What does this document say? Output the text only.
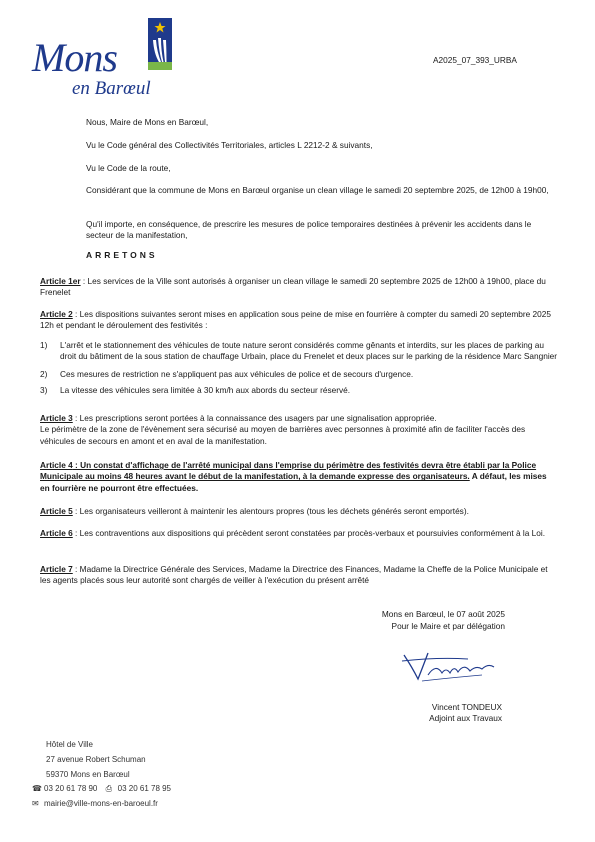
Mons
en Barœul
A2025_07_393_URBA

Nous, Maire de Mons en Barœul,

Vu le Code général des Collectivités Territoriales, articles L 2212-2 & suivants,

Vu le Code de la route,

Considérant que la commune de Mons en Barœul organise un clean village le samedi 20 septembre 2025, de 12h00 à 19h00,

Qu'il importe, en conséquence, de prescrire les mesures de police temporaires destinées à prévenir les accidents dans le secteur de la manifestation,

ARRETONS

Article 1er : Les services de la Ville sont autorisés à organiser un clean village le samedi 20 septembre 2025 de 12h00 à 19h00, place du Frenelet

Article 2 : Les dispositions suivantes seront mises en application sous peine de mise en fourrière à compter du samedi 20 septembre 2025 12h et pendant le déroulement des festivités :

1) L'arrêt et le stationnement des véhicules de toute nature seront considérés comme gênants et interdits, sur les places de parking au droit du bâtiment de la sous station de chauffage Urbain, place du Frenelet et deux places sur le parking de la résidence Marc Sangnier
2) Ces mesures de restriction ne s'appliquent pas aux véhicules de police et de secours d'urgence.
3) La vitesse des véhicules sera limitée à 30 km/h aux abords du secteur réservé.

Article 3 : Les prescriptions seront portées à la connaissance des usagers par une signalisation appropriée.
Le périmètre de la zone de l'évènement sera sécurisé au moyen de barrières avec personnes à proximité afin de faciliter l'accès des véhicules de secours en amont et en aval de la manifestation.

Article 4 : Un constat d'affichage de l'arrêté municipal dans l'emprise du périmètre des festivités devra être établi par la Police Municipale au moins 48 heures avant le début de la manifestation, à la demande expresse des organisateurs. A défaut, les mises en fourrière ne pourront être effectuées.

Article 5 : Les organisateurs veilleront à maintenir les alentours propres (tous les déchets générés seront emportés).

Article 6 : Les contraventions aux dispositions qui précèdent seront constatées par procès-verbaux et poursuivies conformément à la Loi.

Article 7 : Madame la Directrice Générale des Services, Madame la Directrice des Finances, Madame la Cheffe de la Police Municipale et les agents placés sous leur autorité sont chargés de veiller à l'exécution du présent arrêté

Mons en Barœul, le 07 août 2025
Pour le Maire et par délégation
Vincent TONDEUX
Adjoint aux Travaux
Hôtel de Ville
27 avenue Robert Schuman
59370 Mons en Barœul
☎ 03 20 61 78 90 ⎙ 03 20 61 78 95
✉ mairie@ville-mons-en-baroeul.fr
